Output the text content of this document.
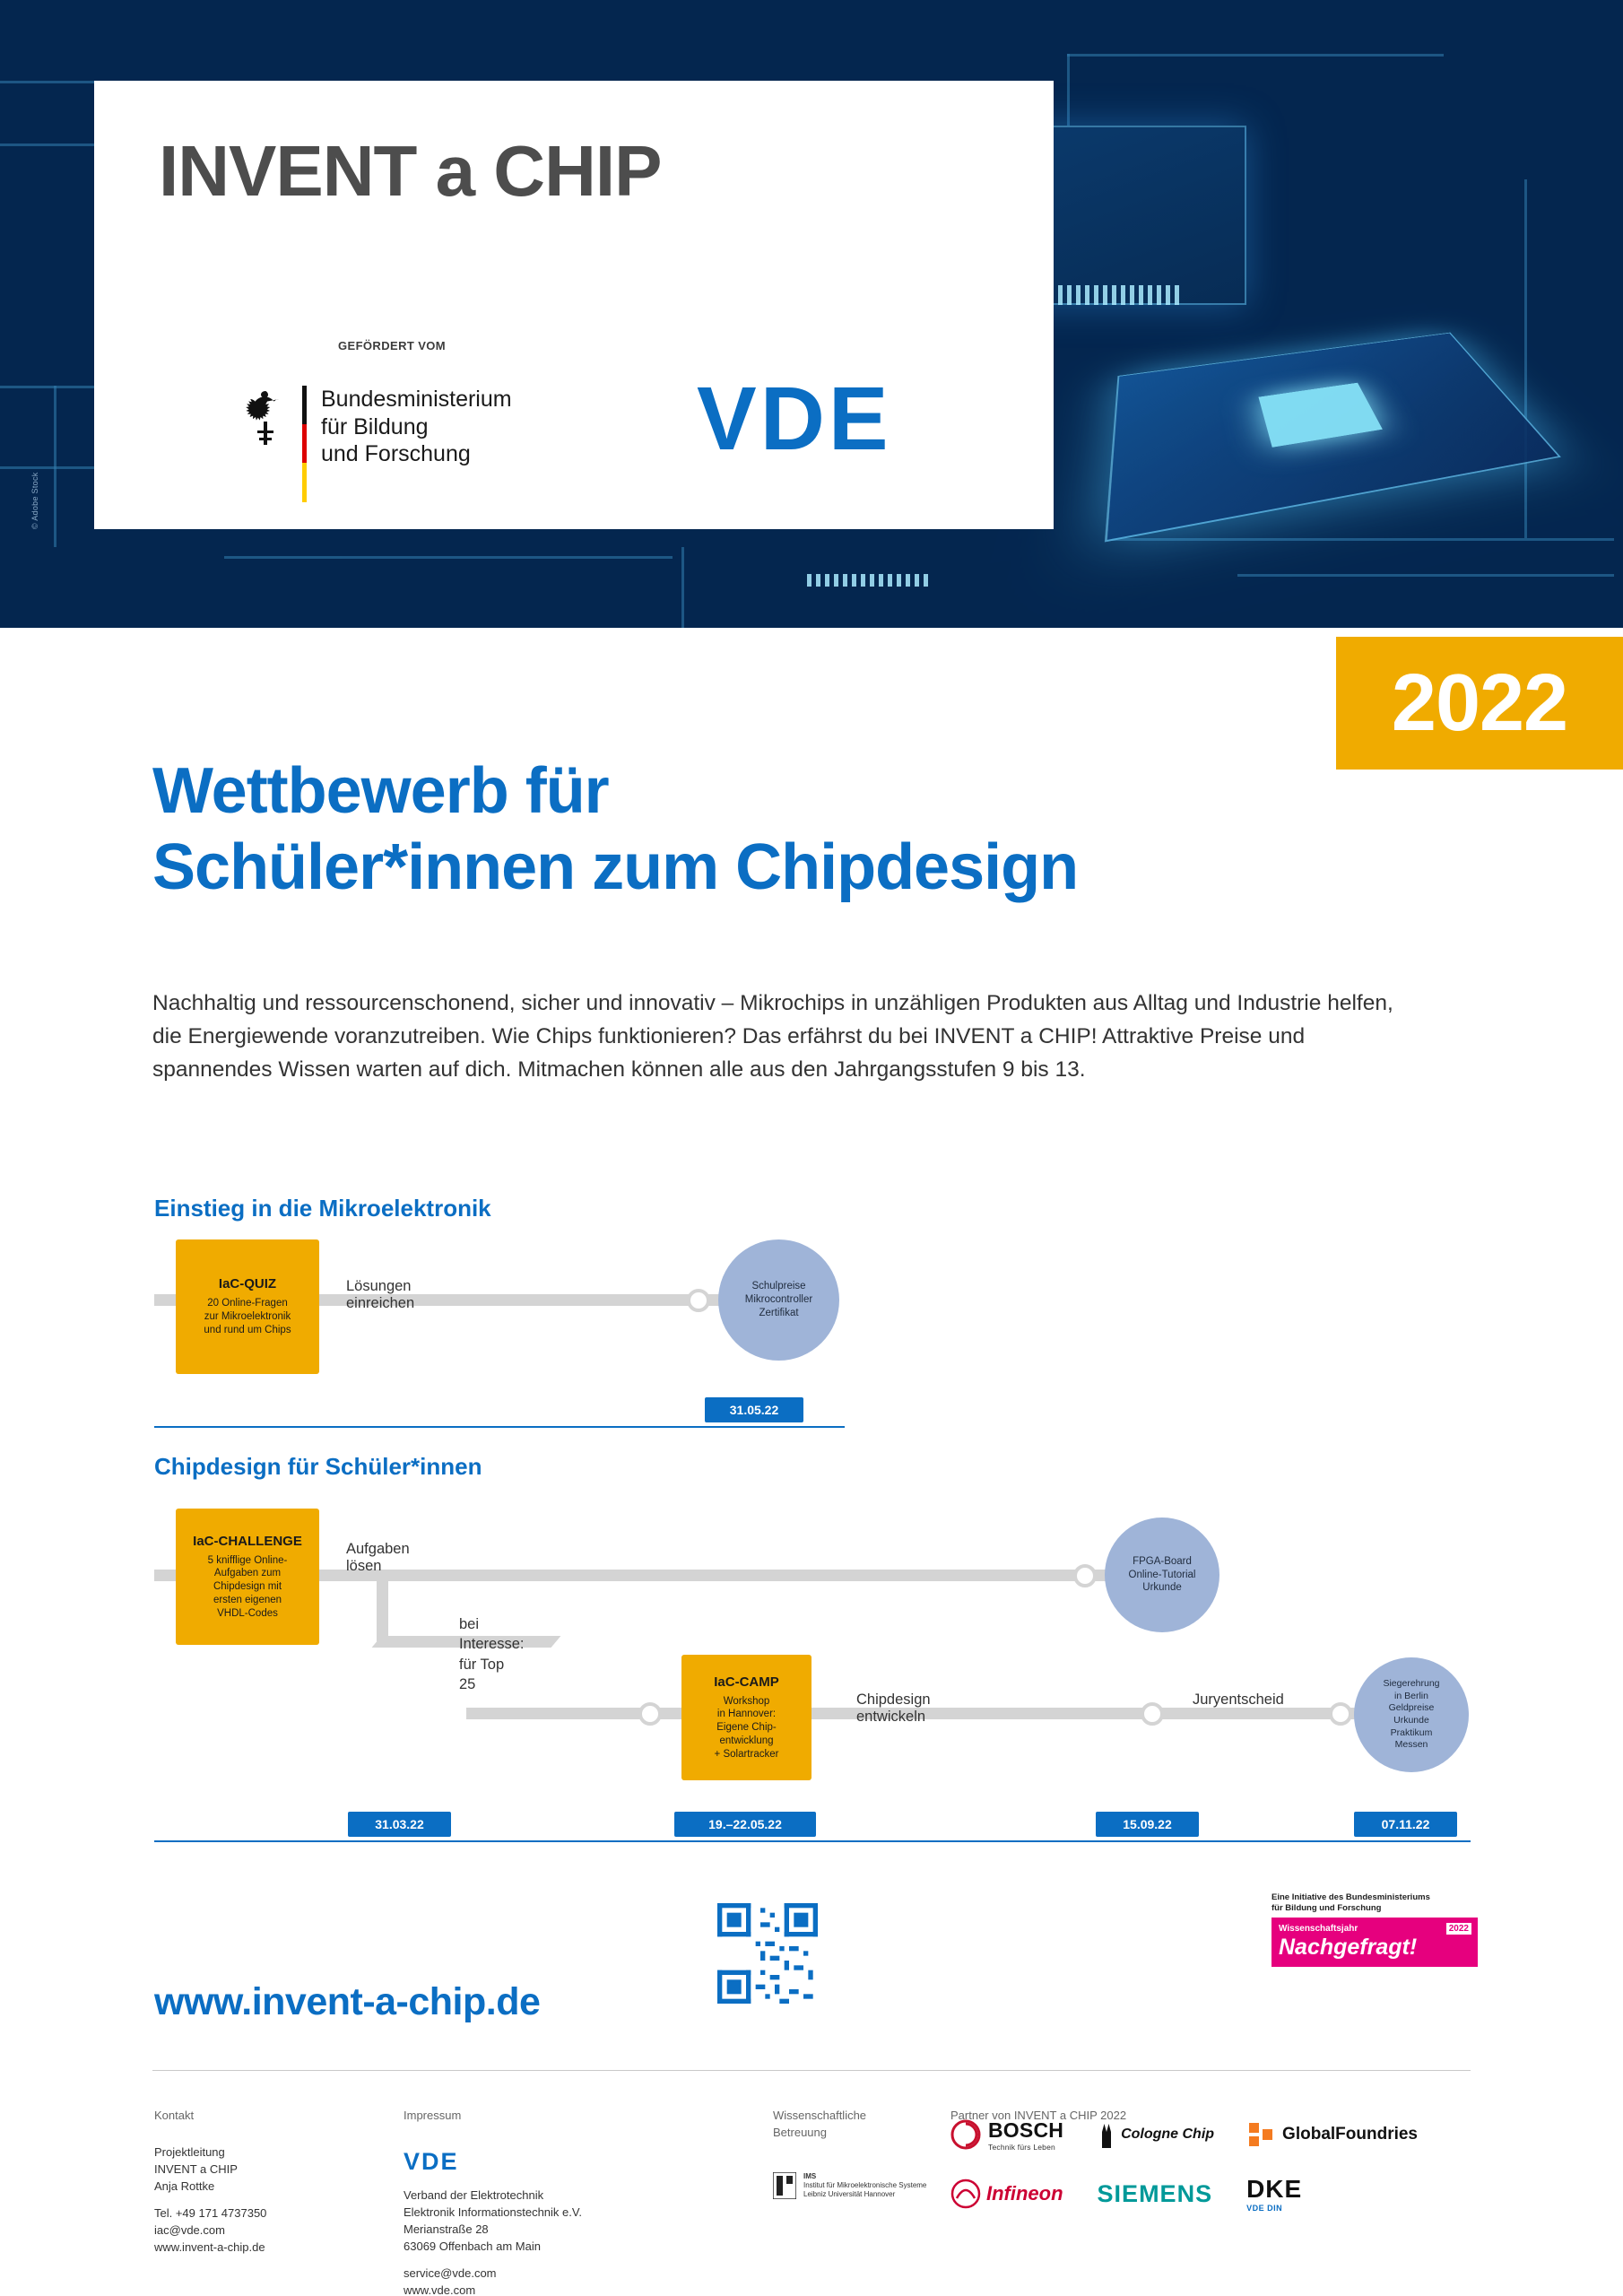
© Adobe Stock
INVENT a CHIP
GEFÖRDERT VOM
Bundesministerium
für Bildung
und Forschung	VDE
2022
Wettbewerb für
Schüler*innen zum Chipdesign
Nachhaltig und ressourcenschonend, sicher und innovativ – Mikrochips in unzähligen Produkten aus Alltag und Industrie helfen, die Energiewende voranzutreiben. Wie Chips funktionieren? Das erfährst du bei INVENT a CHIP! Attraktive Preise und spannendes Wissen warten auf dich. Mitmachen können alle aus den Jahrgangsstufen 9 bis 13.
Einstieg in die Mikroelektronik
IaC-QUIZ
20 Online-Fragen
zur Mikroelektronik
und rund um Chips
Lösungen einreichen
Schulpreise
Mikrocontroller
Zertifikat
31.05.22
Chipdesign für Schüler*innen
IaC-CHALLENGE
5 knifflige Online-
Aufgaben zum
Chipdesign mit
ersten eigenen
VHDL-Codes
Aufgaben lösen
bei Interesse:
für Top 25
FPGA-Board
Online-Tutorial
Urkunde
IaC-CAMP
Workshop
in Hannover:
Eigene Chip-
entwicklung
+ Solartracker
Chipdesign entwickeln
Juryentscheid
Siegerehrung
in Berlin
Geldpreise
Urkunde
Praktikum
Messen
31.03.22	19.–22.05.22	15.09.22	07.11.22
www.invent-a-chip.de
Eine Initiative des Bundesministeriums
für Bildung und Forschung
Wissenschaftsjahr	2022
Nachgefragt!
Kontakt
Projektleitung
INVENT a CHIP
Anja Rottke
Tel. +49 171 4737350
iac@vde.com
www.invent-a-chip.de
Impressum
VDE
Verband der Elektrotechnik
Elektronik Informationstechnik e.V.
Merianstraße 28
63069 Offenbach am Main
service@vde.com
www.vde.com
Wissenschaftliche
Betreuung
IMS
Institut für Mikroelektronische Systeme
Leibniz Universität Hannover
Partner von INVENT a CHIP 2022
BOSCH
Technik fürs Leben
Cologne Chip	GlobalFoundries
Infineon SIEMENS DKE
VDE DIN
